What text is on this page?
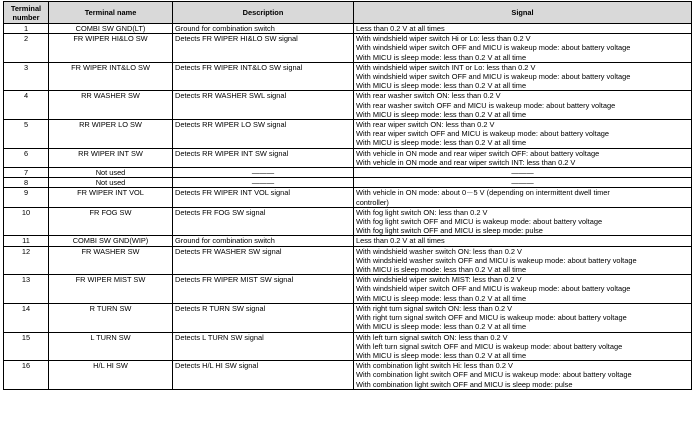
Terminal number	Terminal name	Description	Signal
1	COMBI SW GND(LT)	Ground for combination switch	Less than 0.2 V at all times

2	FR WIPER HI&LO SW	Detects FR WIPER HI&LO SW signal	With windshield wiper switch Hi or Lo: less than 0.2 V
With windshield wiper switch OFF and MICU is wakeup mode: about battery voltage
With MICU is sleep mode: less than 0.2 V at all time

3	FR WIPER INT&LO SW	Detects FR WIPER INT&LO SW signal	With windshield wiper switch INT or Lo: less than 0.2 V
With windshield wiper switch OFF and MICU is wakeup mode: about battery voltage
With MICU is sleep mode: less than 0.2 V at all time

4	RR WASHER SW	Detects RR WASHER SWL signal	With rear washer switch ON: less than 0.2 V
With rear washer switch OFF and MICU is wakeup mode: about battery voltage
With MICU is sleep mode: less than 0.2 V at all time

5	RR WIPER LO SW	Detects RR WIPER LO SW signal	With rear wiper switch ON: less than 0.2 V
With rear wiper switch OFF and MICU is wakeup mode: about battery voltage
With MICU is sleep mode: less than 0.2 V at all time

6	RR WIPER INT SW	Detects RR WIPER INT SW signal	With vehicle in ON mode and rear wiper switch OFF: about battery voltage
With vehicle in ON mode and rear wiper switch INT: less than 0.2 V

7	Not used	———	———

8	Not used	———	———

9	FR WIPER INT VOL	Detects FR WIPER INT VOL signal	With vehicle in ON mode: about 0－5 V (depending on intermittent dwell timer
controller)

10	FR FOG SW	Detects FR FOG SW signal	With fog light switch ON: less than 0.2 V
With fog light switch OFF and MICU is wakeup mode: about battery voltage
With fog light switch OFF and MICU is sleep mode: pulse

11	COMBI SW GND(WIP)	Ground for combination switch	Less than 0.2 V at all times

12	FR WASHER SW	Detects FR WASHER SW signal	With windshield washer switch ON: less than 0.2 V
With windshield washer switch OFF and MICU is wakeup mode: about battery voltage
With MICU is sleep mode: less than 0.2 V at all time

13	FR WIPER MIST SW	Detects FR WIPER MIST SW signal	With windshield wiper switch MIST: less than 0.2 V
With windshield wiper switch OFF and MICU is wakeup mode: about battery voltage
With MICU is sleep mode: less than 0.2 V at all time

14	R TURN SW	Detects R TURN SW signal	With right turn signal switch ON: less than 0.2 V
With right turn signal switch OFF and MICU is wakeup mode: about battery voltage
With MICU is sleep mode: less than 0.2 V at all time

15	L TURN SW	Detects L TURN SW signal	With left turn signal switch ON: less than 0.2 V
With left turn signal switch OFF and MICU is wakeup mode: about battery voltage
With MICU is sleep mode: less than 0.2 V at all time

16	H/L HI SW	Detects H/L HI SW signal	With combination light switch Hi: less than 0.2 V
With combination light switch OFF and MICU is wakeup mode: about battery voltage
With combination light switch OFF and MICU is sleep mode: pulse
